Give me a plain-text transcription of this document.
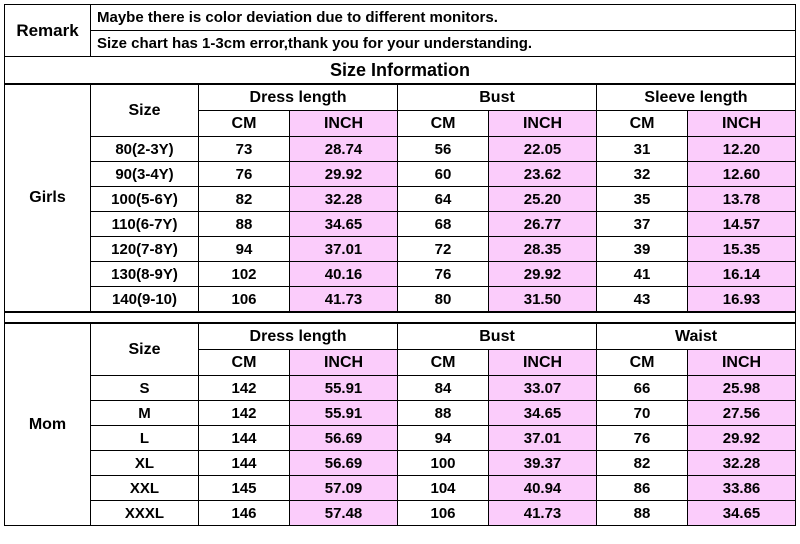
Remark	Maybe there is color deviation due to different monitors.
Size chart has 1-3cm error,thank you for your understanding.
Size Information
Girls	Size	Dress length		Bust		Sleeve length	
		CM	INCH	CM	INCH	CM	INCH
	80(2-3Y)	73	28.74	56	22.05	31	12.20
	90(3-4Y)	76	29.92	60	23.62	32	12.60
	100(5-6Y)	82	32.28	64	25.20	35	13.78
	110(6-7Y)	88	34.65	68	26.77	37	14.57
	120(7-8Y)	94	37.01	72	28.35	39	15.35
	130(8-9Y)	102	40.16	76	29.92	41	16.14
	140(9-10)	106	41.73	80	31.50	43	16.93
Mom	Size	Dress length		Bust		Waist	
		CM	INCH	CM	INCH	CM	INCH
	S	142	55.91	84	33.07	66	25.98
	M	142	55.91	88	34.65	70	27.56
	L	144	56.69	94	37.01	76	29.92
	XL	144	56.69	100	39.37	82	32.28
	XXL	145	57.09	104	40.94	86	33.86
	XXXL	146	57.48	106	41.73	88	34.65
